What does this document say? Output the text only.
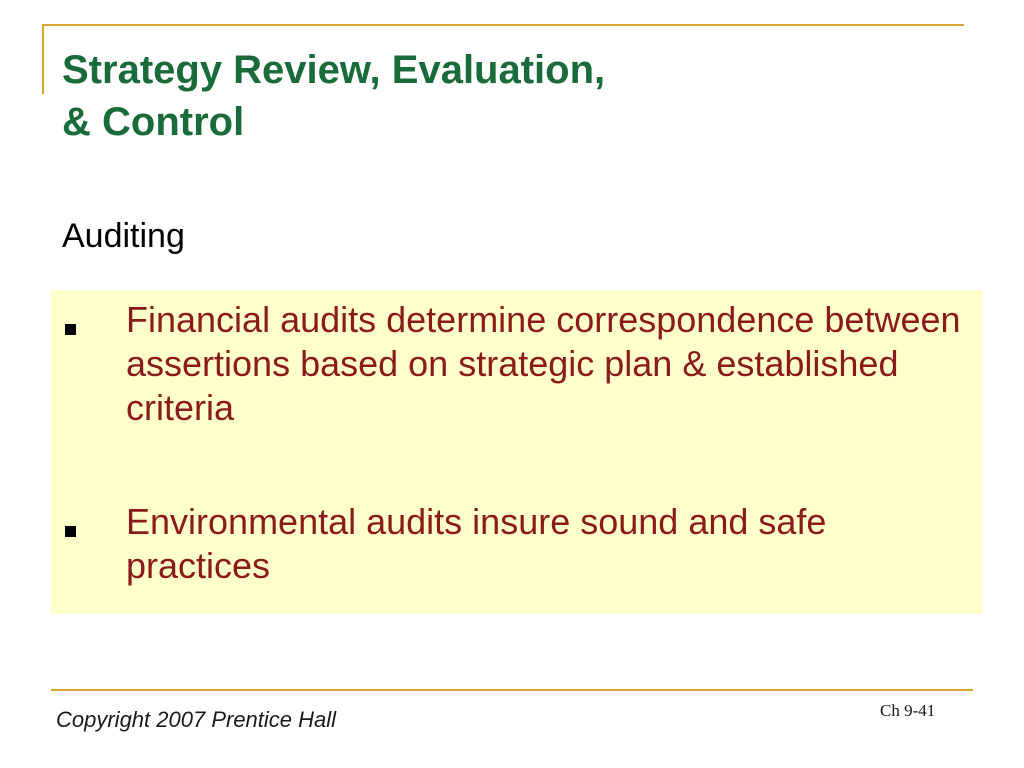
Strategy Review, Evaluation,
& Control
Auditing
Financial audits determine correspondence between assertions based on strategic plan & established criteria
Environmental audits insure sound and safe practices
Copyright 2007 Prentice Hall	Ch 9-41
